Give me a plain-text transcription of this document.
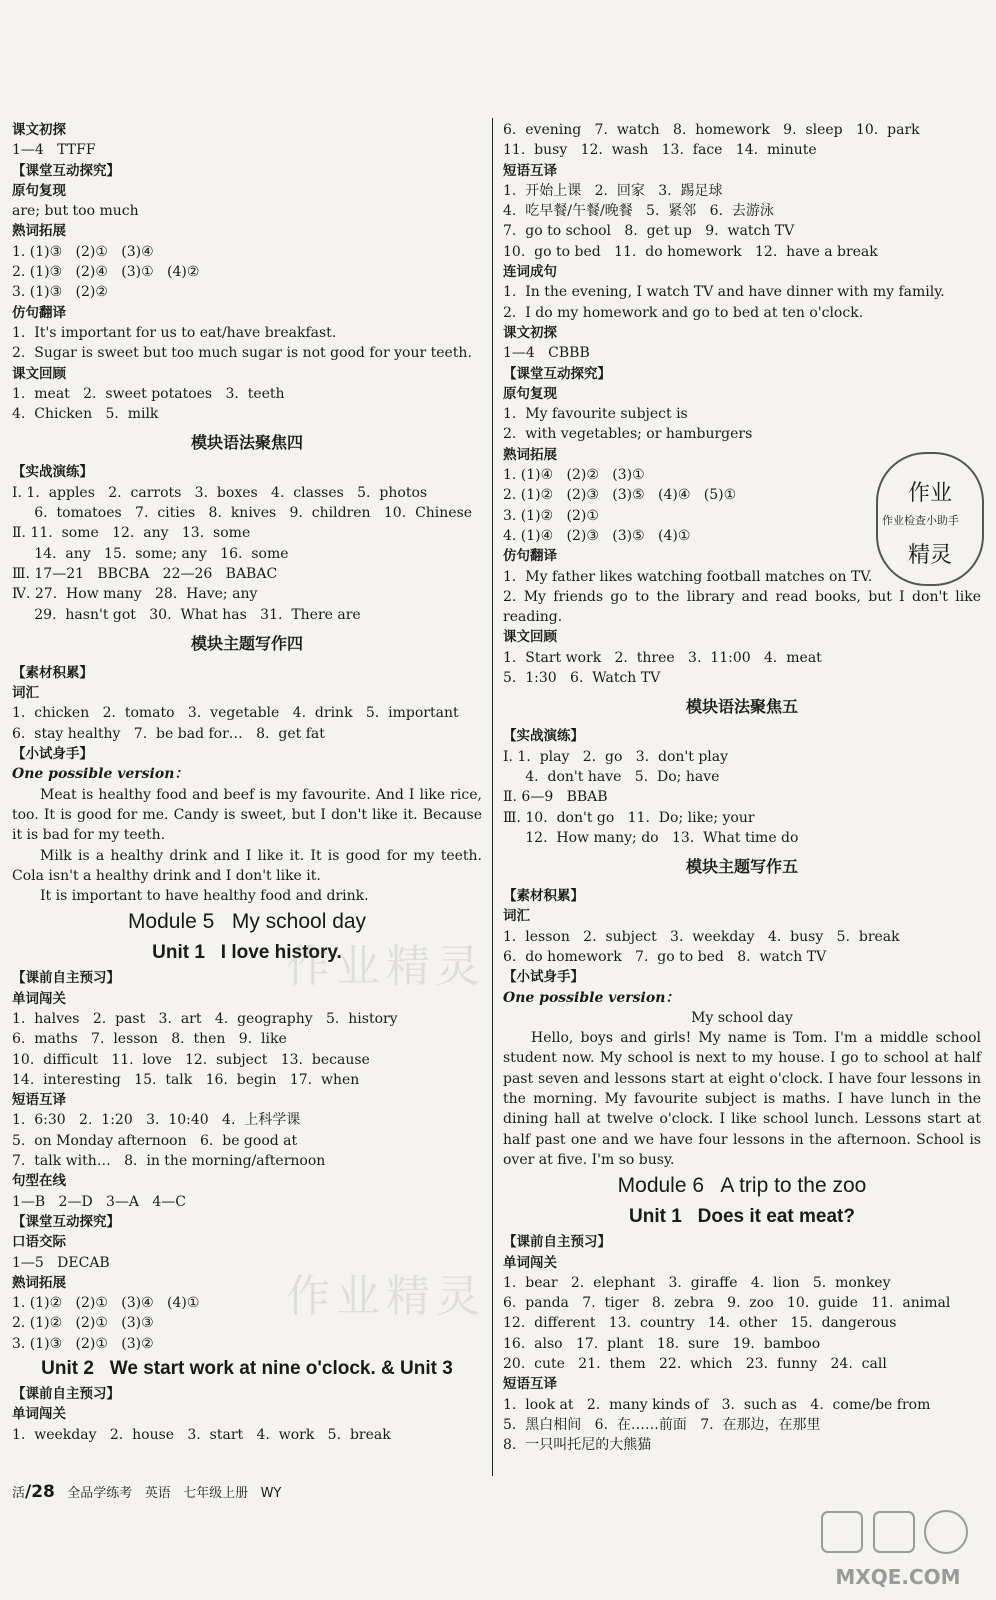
课文初探
1—4   TTFF
【课堂互动探究】
原句复现
are; but too much
熟词拓展
1. (1)③   (2)①   (3)④
2. (1)③   (2)④   (3)①   (4)②
3. (1)③   (2)②
仿句翻译
1.  It's important for us to eat/have breakfast.
2.  Sugar is sweet but too much sugar is not good for your teeth.
课文回顾
1.  meat   2.  sweet potatoes   3.  teeth
4.  Chicken   5.  milk
模块语法聚焦四
【实战演练】
Ⅰ. 1.  apples   2.  carrots   3.  boxes   4.  classes   5.  photos
6.  tomatoes   7.  cities   8.  knives   9.  children   10.  Chinese
Ⅱ. 11.  some   12.  any   13.  some
14.  any   15.  some; any   16.  some
Ⅲ. 17—21   BBCBA   22—26   BABAC
Ⅳ. 27.  How many   28.  Have; any
29.  hasn't got   30.  What has   31.  There are
模块主题写作四
【素材积累】
词汇
1.  chicken   2.  tomato   3.  vegetable   4.  drink   5.  important
6.  stay healthy   7.  be bad for…   8.  get fat
【小试身手】
One possible version：
Meat is healthy food and beef is my favourite. And I like rice, too. It is good for me. Candy is sweet, but I don't like it. Because it is bad for my teeth.
Milk is a healthy drink and I like it. It is good for my teeth. Cola isn't a healthy drink and I don't like it.
It is important to have healthy food and drink.
Module 5   My school day
Unit 1   I love history.
【课前自主预习】
单词闯关
1.  halves   2.  past   3.  art   4.  geography   5.  history
6.  maths   7.  lesson   8.  then   9.  like
10.  difficult   11.  love   12.  subject   13.  because
14.  interesting   15.  talk   16.  begin   17.  when
短语互译
1.  6:30   2.  1:20   3.  10:40   4.  上科学课
5.  on Monday afternoon   6.  be good at
7.  talk with…   8.  in the morning/afternoon
句型在线
1—B   2—D   3—A   4—C
【课堂互动探究】
口语交际
1—5   DECAB
熟词拓展
1. (1)②   (2)①   (3)④   (4)①
2. (1)②   (2)①   (3)③
3. (1)③   (2)①   (3)②
Unit 2   We start work at nine o'clock. & Unit 3
【课前自主预习】
单词闯关
1.  weekday   2.  house   3.  start   4.  work   5.  break
6.  evening   7.  watch   8.  homework   9.  sleep   10.  park
11.  busy   12.  wash   13.  face   14.  minute
短语互译
1.  开始上课   2.  回家   3.  踢足球
4.  吃早餐/午餐/晚餐   5.  紧邻   6.  去游泳
7.  go to school   8.  get up   9.  watch TV
10.  go to bed   11.  do homework   12.  have a break
连词成句
1.  In the evening, I watch TV and have dinner with my family.
2.  I do my homework and go to bed at ten o'clock.
课文初探
1—4   CBBB
【课堂互动探究】
原句复现
1.  My favourite subject is
2.  with vegetables; or hamburgers
熟词拓展
1. (1)④   (2)②   (3)①
2. (1)②   (2)③   (3)⑤   (4)④   (5)①
3. (1)②   (2)①
4. (1)④   (2)③   (3)⑤   (4)①
仿句翻译
1.  My father likes watching football matches on TV.
2. My friends go to the library and read books, but I don't like reading.
课文回顾
1.  Start work   2.  three   3.  11:00   4.  meat
5.  1:30   6.  Watch TV
模块语法聚焦五
【实战演练】
Ⅰ. 1.  play   2.  go   3.  don't play
4.  don't have   5.  Do; have
Ⅱ. 6—9   BBAB
Ⅲ. 10.  don't go   11.  Do; like; your
12.  How many; do   13.  What time do
模块主题写作五
【素材积累】
词汇
1.  lesson   2.  subject   3.  weekday   4.  busy   5.  break
6.  do homework   7.  go to bed   8.  watch TV
【小试身手】
One possible version：
My school day
Hello, boys and girls! My name is Tom. I'm a middle school student now. My school is next to my house. I go to school at half past seven and lessons start at eight o'clock. I have four lessons in the morning. My favourite subject is maths. I have lunch in the dining hall at twelve o'clock. I like school lunch. Lessons start at half past one and we have four lessons in the afternoon. School is over at five. I'm so busy.
Module 6   A trip to the zoo
Unit 1   Does it eat meat?
【课前自主预习】
单词闯关
1.  bear   2.  elephant   3.  giraffe   4.  lion   5.  monkey
6.  panda   7.  tiger   8.  zebra   9.  zoo   10.  guide   11.  animal
12.  different   13.  country   14.  other   15.  dangerous
16.  also   17.  plant   18.  sure   19.  bamboo
20.  cute   21.  them   22.  which   23.  funny   24.  call
短语互译
1.  look at   2.  many kinds of   3.  such as   4.  come/be from
5.  黑白相间   6.  在……前面   7.  在那边，在那里
8.  一只叫托尼的大熊猫
作业精灵
作业精灵
作业
作业检查小助手
精灵
活/28 全品学练考 英语 七年级上册 WY
MXQE.COM
